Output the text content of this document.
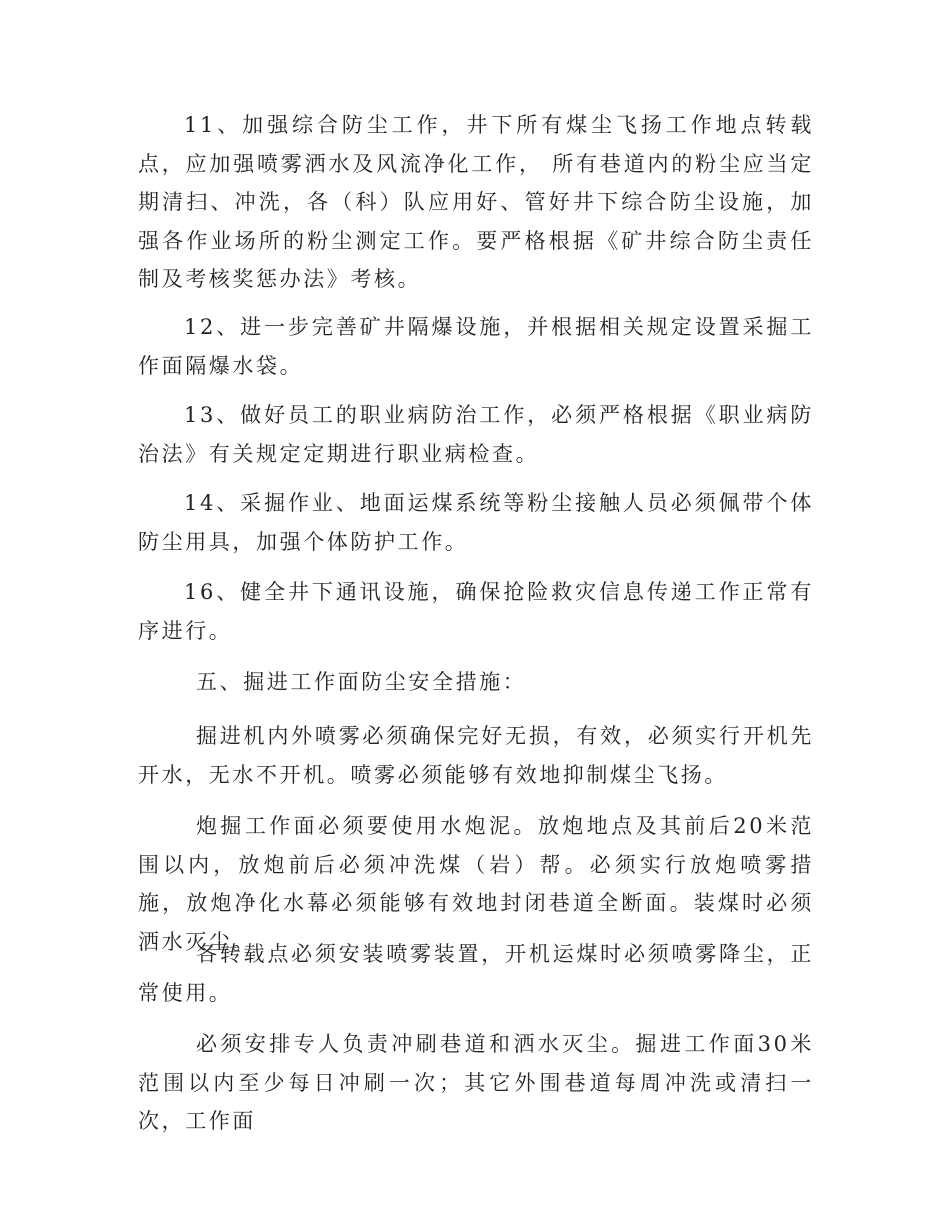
11、加强综合防尘工作，井下所有煤尘飞扬工作地点转载点，应加强喷雾洒水及风流净化工作， 所有巷道内的粉尘应当定期清扫、冲洗，各（科）队应用好、管好井下综合防尘设施，加强各作业场所的粉尘测定工作。要严格根据《矿井综合防尘责任制及考核奖惩办法》考核。

12、进一步完善矿井隔爆设施，并根据相关规定设置采掘工作面隔爆水袋。

13、做好员工的职业病防治工作，必须严格根据《职业病防治法》有关规定定期进行职业病检查。

14、采掘作业、地面运煤系统等粉尘接触人员必须佩带个体防尘用具，加强个体防护工作。

16、健全井下通讯设施，确保抢险救灾信息传递工作正常有序进行。

五、掘进工作面防尘安全措施：

掘进机内外喷雾必须确保完好无损，有效，必须实行开机先开水，无水不开机。喷雾必须能够有效地抑制煤尘飞扬。

炮掘工作面必须要使用水炮泥。放炮地点及其前后20米范围以内，放炮前后必须冲洗煤（岩）帮。必须实行放炮喷雾措施，放炮净化水幕必须能够有效地封闭巷道全断面。装煤时必须洒水灭尘。

各转载点必须安装喷雾装置，开机运煤时必须喷雾降尘，正常使用。

必须安排专人负责冲刷巷道和洒水灭尘。掘进工作面30米范围以内至少每日冲刷一次；其它外围巷道每周冲洗或清扫一次，工作面
